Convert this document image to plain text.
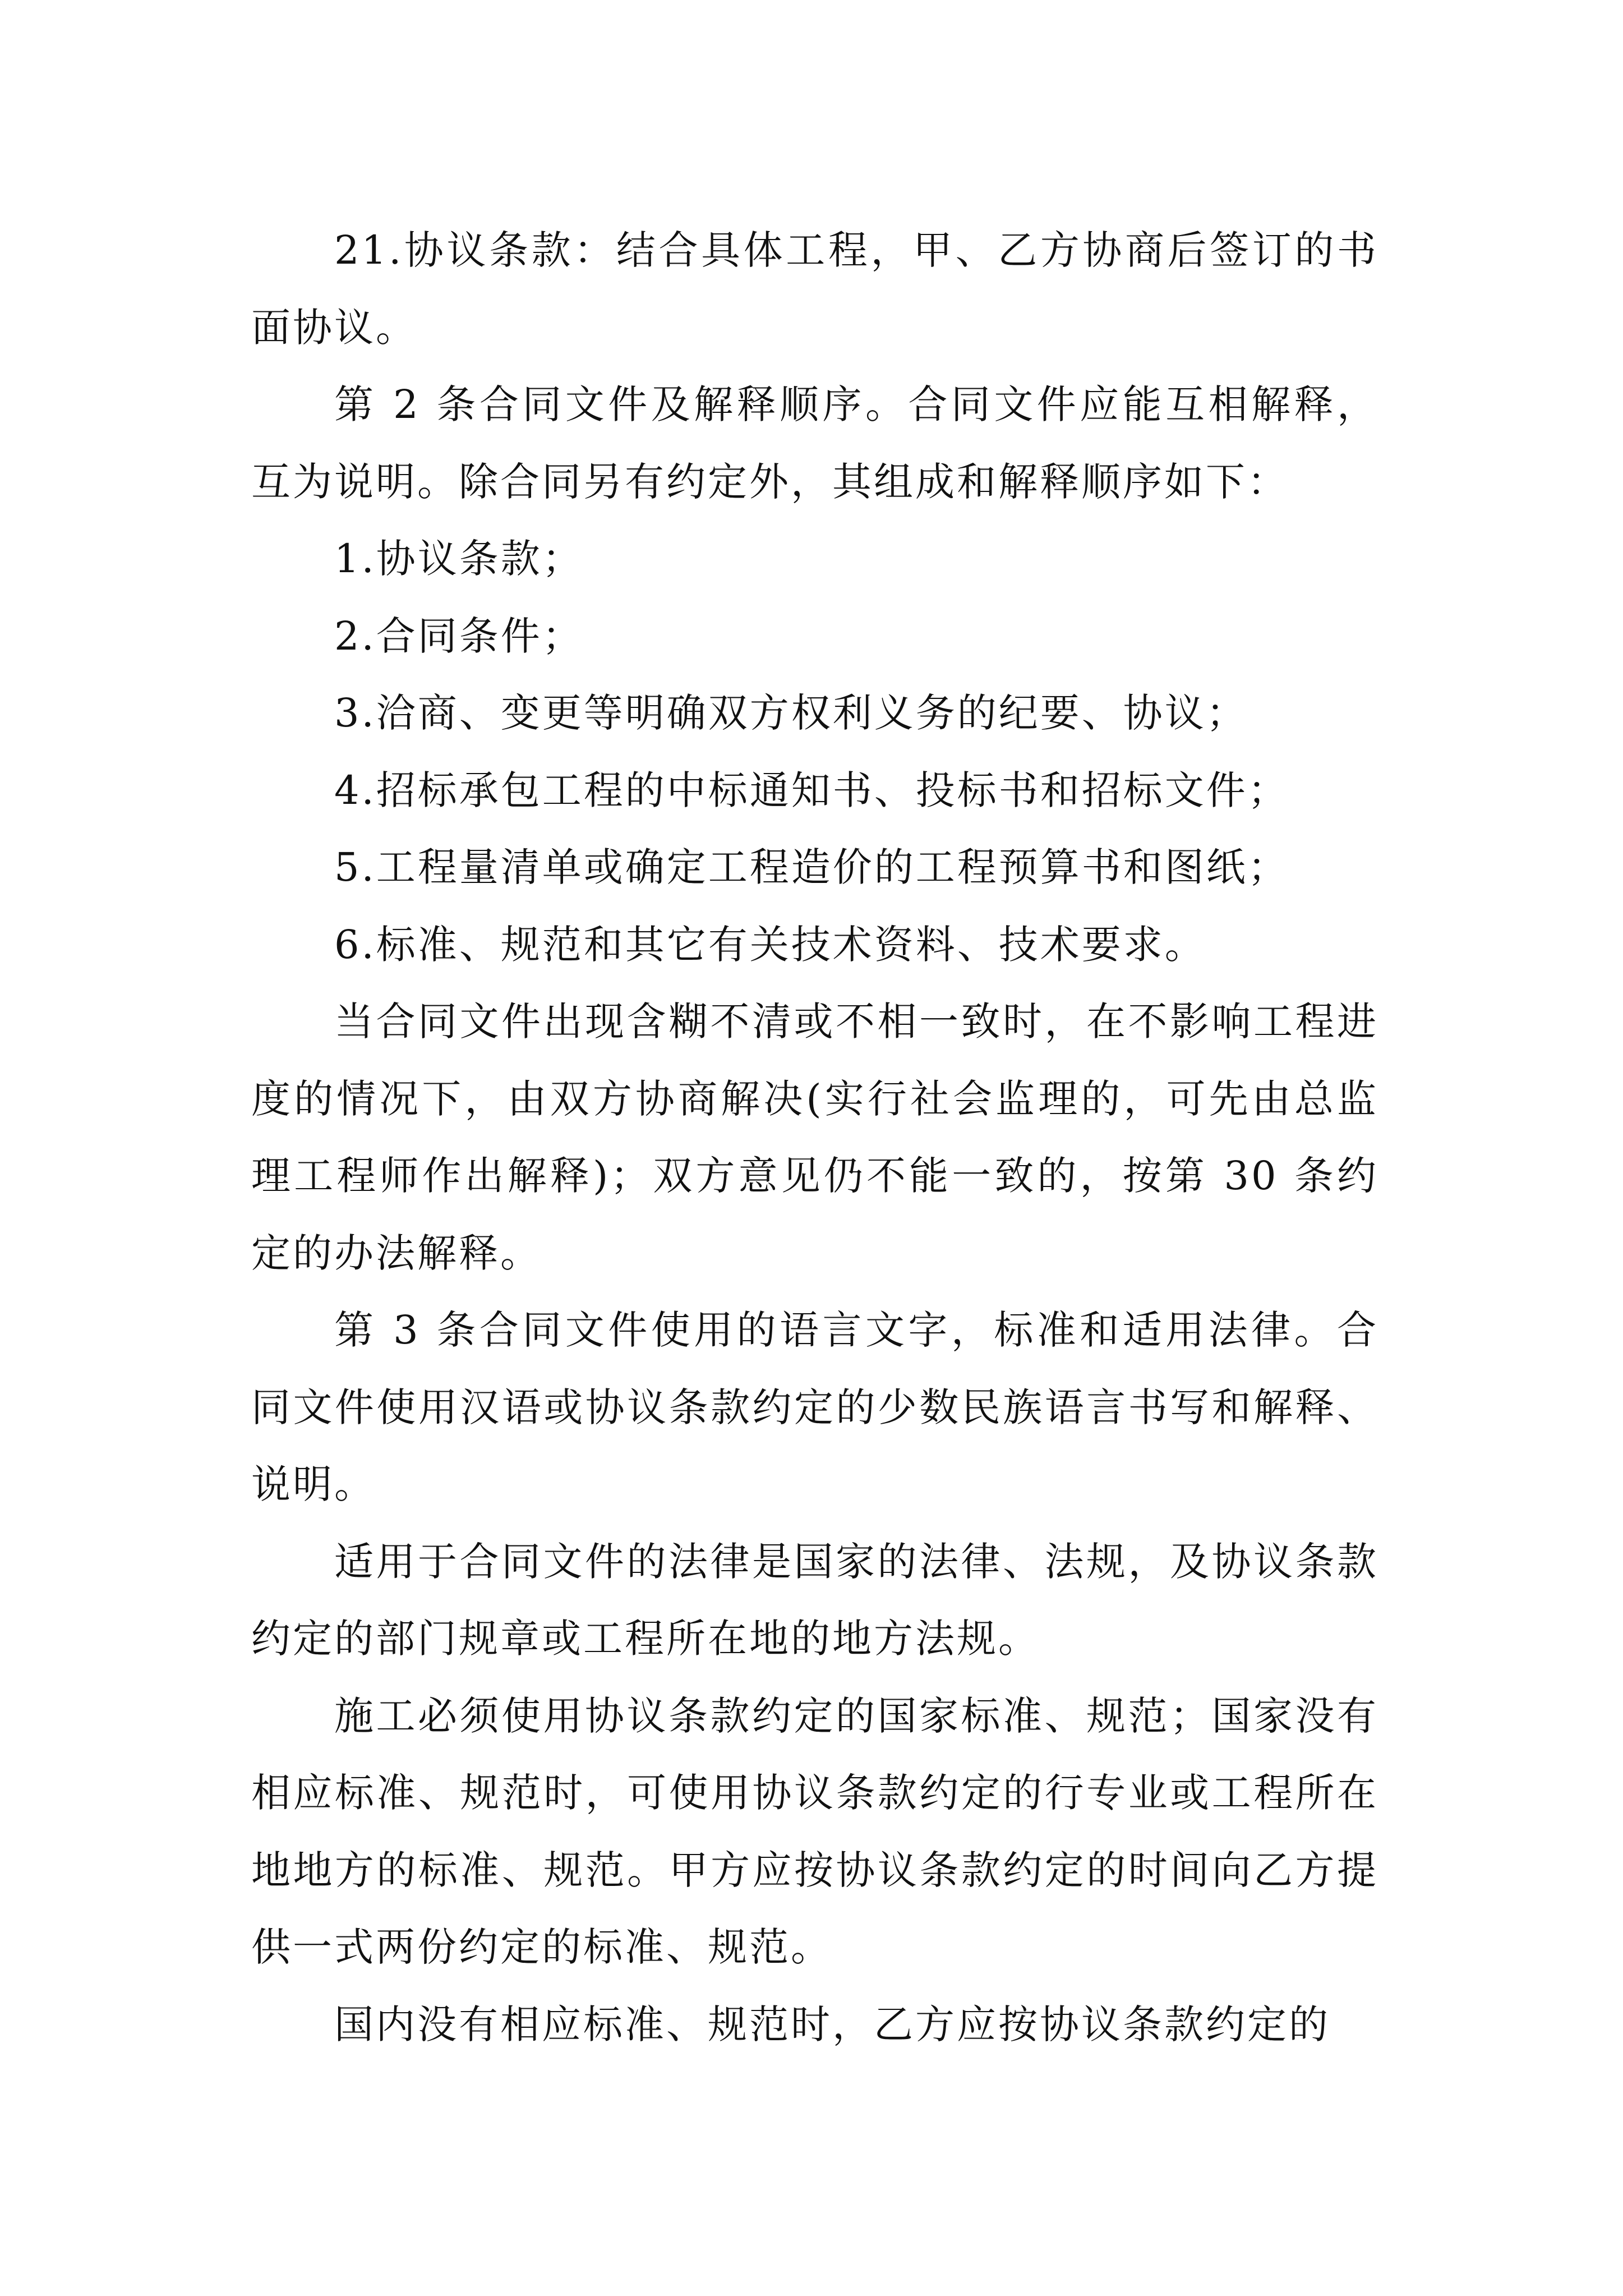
21.协议条款：结合具体工程，甲、乙方协商后签订的书面协议。

第 2 条合同文件及解释顺序。合同文件应能互相解释，互为说明。除合同另有约定外，其组成和解释顺序如下：

1.协议条款；

2.合同条件；

3.洽商、变更等明确双方权利义务的纪要、协议；

4.招标承包工程的中标通知书、投标书和招标文件；

5.工程量清单或确定工程造价的工程预算书和图纸；

6.标准、规范和其它有关技术资料、技术要求。

当合同文件出现含糊不清或不相一致时，在不影响工程进度的情况下，由双方协商解决(实行社会监理的，可先由总监理工程师作出解释)；双方意见仍不能一致的，按第 30 条约定的办法解释。

第 3 条合同文件使用的语言文字，标准和适用法律。合同文件使用汉语或协议条款约定的少数民族语言书写和解释、说明。

适用于合同文件的法律是国家的法律、法规，及协议条款约定的部门规章或工程所在地的地方法规。

施工必须使用协议条款约定的国家标准、规范；国家没有相应标准、规范时，可使用协议条款约定的行专业或工程所在地地方的标准、规范。甲方应按协议条款约定的时间向乙方提供一式两份约定的标准、规范。

国内没有相应标准、规范时，乙方应按协议条款约定的
